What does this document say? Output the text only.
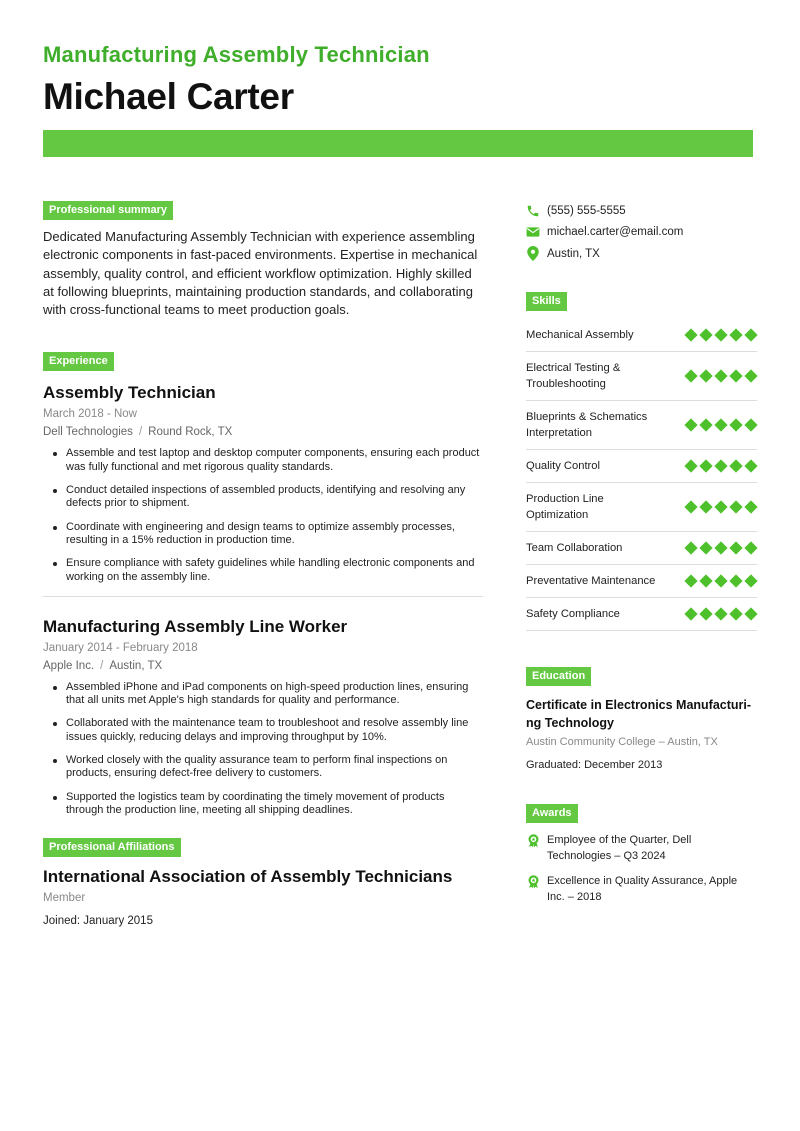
Manufacturing Assembly Technician
Michael Carter
Professional summary

Dedicated Manufacturing Assembly Technician with experience assembling electronic components in fast-paced environments. Expertise in mechanical assembly, quality control, and efficient workflow optimization. Highly skilled at following blueprints, maintaining production standards, and collaborating with cross-functional teams to meet production goals.

Experience
Assembly Technician
March 2018 - Now
Dell Technologies / Round Rock, TX
Assemble and test laptop and desktop computer components, ensuring each product was fully functional and met rigorous quality standards.
Conduct detailed inspections of assembled products, identifying and resolving any defects prior to shipment.
Coordinate with engineering and design teams to optimize assembly processes, resulting in a 15% reduction in production time.
Ensure compliance with safety guidelines while handling electronic components and working on the assembly line.
Manufacturing Assembly Line Worker
January 2014 - February 2018
Apple Inc. / Austin, TX
Assembled iPhone and iPad components on high-speed production lines, ensuring that all units met Apple's high standards for quality and performance.
Collaborated with the maintenance team to troubleshoot and resolve assembly line issues quickly, reducing delays and improving throughput by 10%.
Worked closely with the quality assurance team to perform final inspections on products, ensuring defect-free delivery to customers.
Supported the logistics team by coordinating the timely movement of products through the production line, meeting all shipping deadlines.
Professional Affiliations
International Association of Assembly Technicians
Member
Joined: January 2015
(555) 555-5555
michael.carter@email.com
Austin, TX
Skills
Mechanical Assembly
Electrical Testing & Troubleshooting
Blueprints & Schematics Interpretation
Quality Control
Production Line Optimization
Team Collaboration
Preventative Maintenance
Safety Compliance
Education
Certificate in Electronics Manufacturi- ng Technology
Austin Community College – Austin, TX
Graduated: December 2013
Awards
Employee of the Quarter, Dell Technologies – Q3 2024
Excellence in Quality Assurance, Apple Inc. – 2018
